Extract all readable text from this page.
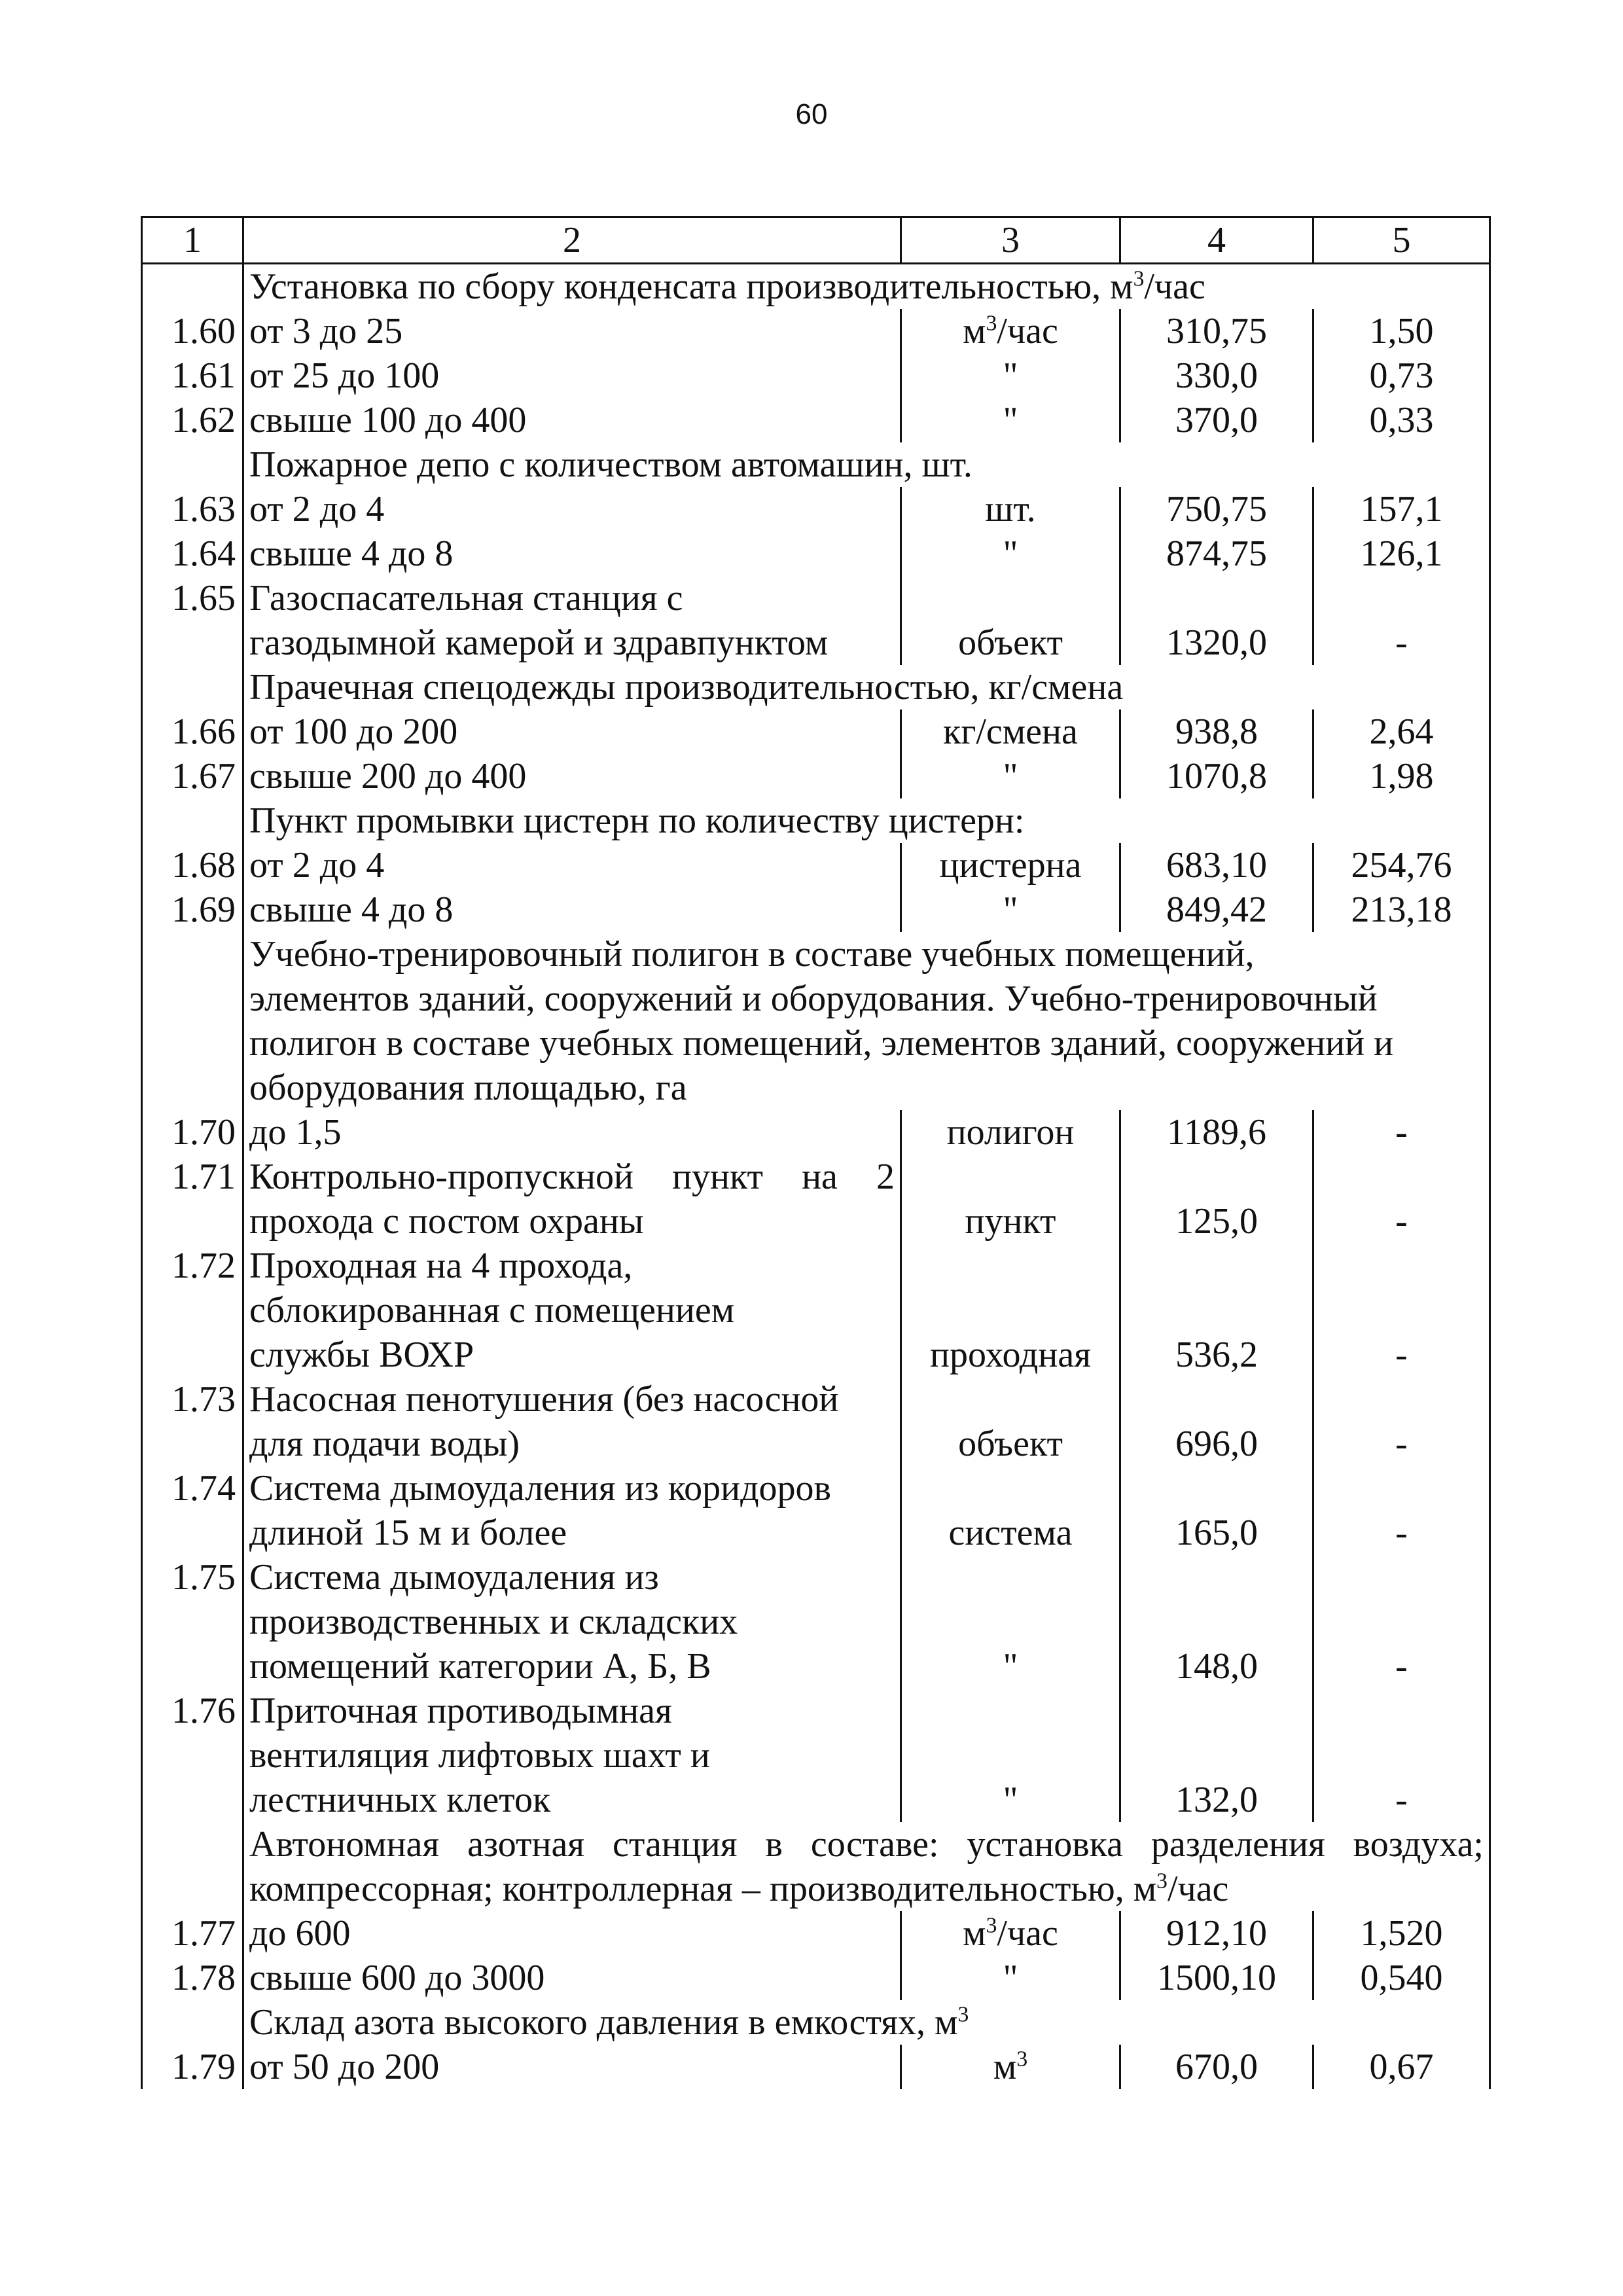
60
1	2	3	4	5
	Установка по сбору конденсата производительностью, $м^3$/час			
1.60	от 3 до 25	$м^3$/час	310,75	1,50
1.61	от 25 до 100	"	330,0	0,73
1.62	свыше 100 до 400	"	370,0	0,33
	Пожарное депо с количеством автомашин, шт.			
1.63	от 2 до 4	шт.	750,75	157,1
1.64	свыше 4 до 8	"	874,75	126,1
1.65	Газоспасательная станция с			
	газодымной камерой и здравпунктом	объект	1320,0	-
	Прачечная спецодежды производительностью, кг/смена			
1.66	от 100 до 200	кг/смена	938,8	2,64
1.67	свыше 200 до 400	"	1070,8	1,98
	Пункт промывки цистерн по количеству цистерн:			
1.68	от 2 до 4	цистерна	683,10	254,76
1.69	свыше 4 до 8	"	849,42	213,18
	Учебно-тренировочный полигон в составе учебных помещений,			
	элементов зданий, сооружений и оборудования. Учебно-тренировочный			
	полигон в составе учебных помещений, элементов зданий, сооружений и			
	оборудования площадью, га			
1.70	до 1,5	полигон	1189,6	-
1.71	Контрольно-пропускной пункт на 2			
	прохода с постом охраны	пункт	125,0	-
1.72	Проходная на 4 прохода,			
	сблокированная с помещением			
	службы ВОХР	проходная	536,2	-
1.73	Насосная пенотушения (без насосной			
	для подачи воды)	объект	696,0	-
1.74	Система дымоудаления из коридоров			
	длиной 15 м и более	система	165,0	-
1.75	Система дымоудаления из			
	производственных и складских			
	помещений категории А, Б, В	"	148,0	-
1.76	Приточная противодымная			
	вентиляция лифтовых шахт и			
	лестничных клеток	"	132,0	-
	Автономная азотная станция в составе: установка разделения воздуха;			
	компрессорная; контроллерная – производительностью, $м^3$/час			
1.77	до 600	$м^3$/час	912,10	1,520
1.78	свыше 600 до 3000	"	1500,10	0,540
	Склад азота высокого давления в емкостях, $м^3$
1.79	от 50 до 200	$м^3$	670,0	0,67
